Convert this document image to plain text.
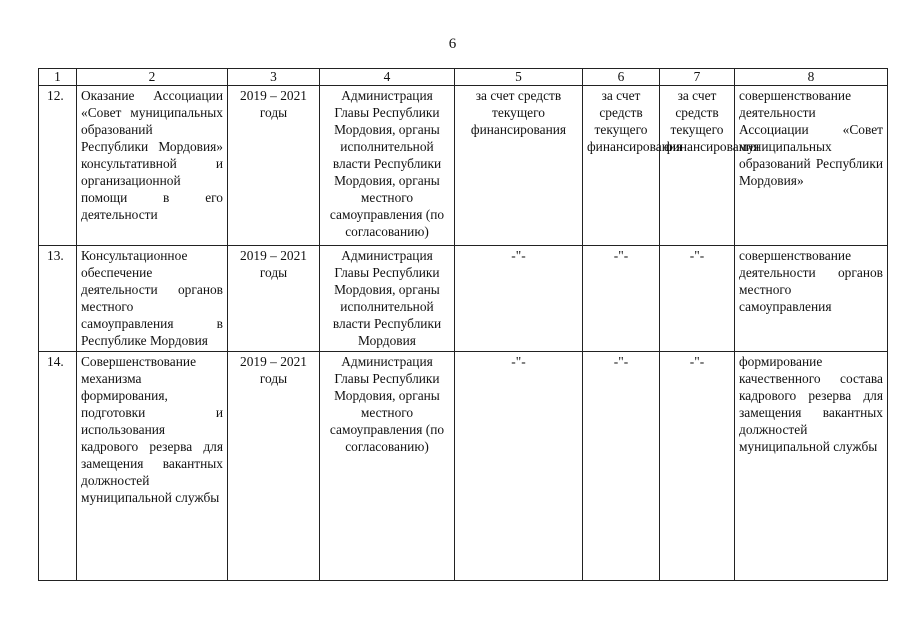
6
1	2	3	4	5	6	7	8
12.	Оказание Ассоциации «Совет муниципальных образований Республики Мордовия» консультативной и организационной помощи в его деятельности	2019 – 2021 годы	Администрация Главы Республики Мордовия, органы исполнительной власти Республики Мордовия, органы местного самоуправления (по согласованию)	за счет средств текущего финансирования	за счет средств текущего финансирования	за счет средств текущего финансирования	совершенствование деятельности Ассоциации «Совет муниципальных образований Республики Мордовия»
13.	Консультационное обеспечение деятельности органов местного самоуправления в Республике Мордовия	2019 – 2021 годы	Администрация Главы Республики Мордовия, органы исполнительной власти Республики Мордовия	-"-	-"-	-"-	совершенствование деятельности органов местного самоуправления
14.	Совершенствование механизма формирования, подготовки и использования кадрового резерва для замещения вакантных должностей муниципальной службы	2019 – 2021 годы	Администрация Главы Республики Мордовия, органы местного самоуправления (по согласованию)	-"-	-"-	-"-	формирование качественного состава кадрового резерва для замещения вакантных должностей муниципальной службы
